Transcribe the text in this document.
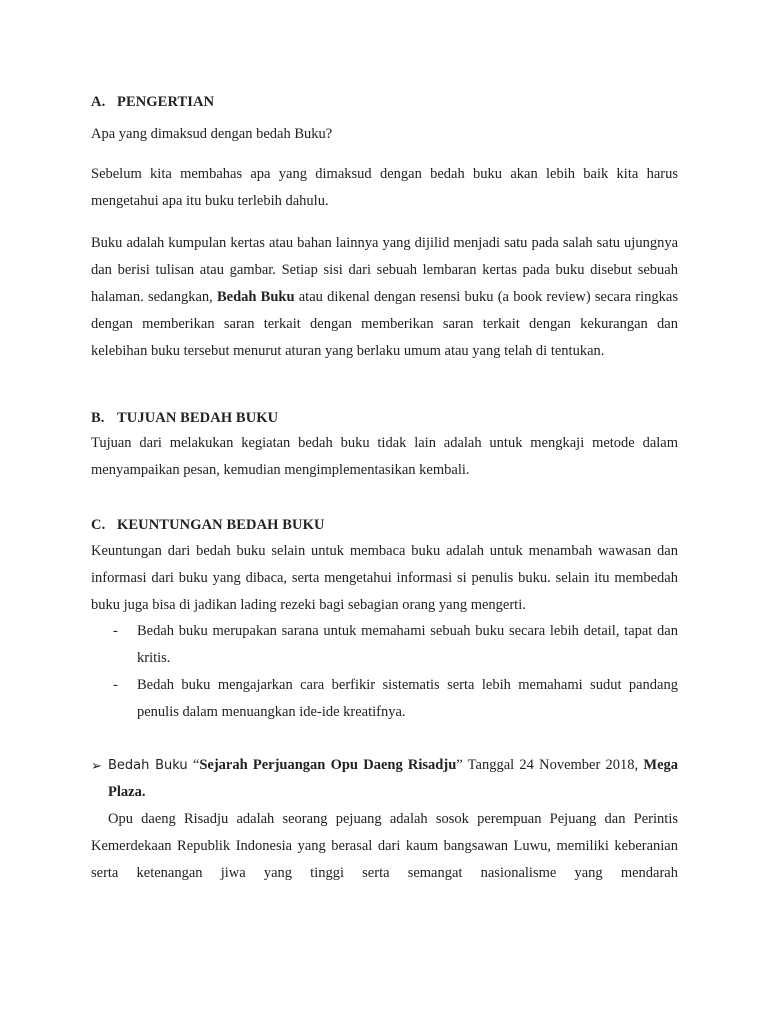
A. PENGERTIAN

Apa yang dimaksud dengan bedah Buku?

Sebelum kita membahas apa yang dimaksud dengan bedah buku akan lebih baik kita harus mengetahui apa itu buku terlebih dahulu.

Buku adalah kumpulan kertas atau bahan lainnya yang dijilid menjadi satu pada salah satu ujungnya dan berisi tulisan atau gambar. Setiap sisi dari sebuah lembaran kertas pada buku disebut sebuah halaman. sedangkan, Bedah Buku atau dikenal dengan resensi buku (a book review) secara ringkas dengan memberikan saran terkait dengan memberikan saran terkait dengan kekurangan dan kelebihan buku tersebut menurut aturan yang berlaku umum atau yang telah di tentukan.

B. TUJUAN BEDAH BUKU

Tujuan dari melakukan kegiatan bedah buku tidak lain adalah untuk mengkaji metode dalam menyampaikan pesan, kemudian mengimplementasikan kembali.

C. KEUNTUNGAN BEDAH BUKU

Keuntungan dari bedah buku selain untuk membaca buku adalah untuk menambah wawasan dan informasi dari buku yang dibaca, serta mengetahui informasi si penulis buku. selain itu membedah buku juga bisa di jadikan lading rezeki bagi sebagian orang yang mengerti.

- Bedah buku merupakan sarana untuk memahami sebuah buku secara lebih detail, tapat dan kritis.

- Bedah buku mengajarkan cara berfikir sistematis serta lebih memahami sudut pandang penulis dalam menuangkan ide-ide kreatifnya.

➢ Bedah Buku “Sejarah Perjuangan Opu Daeng Risadju” Tanggal 24 November 2018, Mega Plaza.

Opu daeng Risadju adalah seorang pejuang adalah sosok perempuan Pejuang dan Perintis Kemerdekaan Republik Indonesia yang berasal dari kaum bangsawan Luwu, memiliki keberanian serta ketenangan jiwa yang tinggi serta semangat nasionalisme yang mendarah
